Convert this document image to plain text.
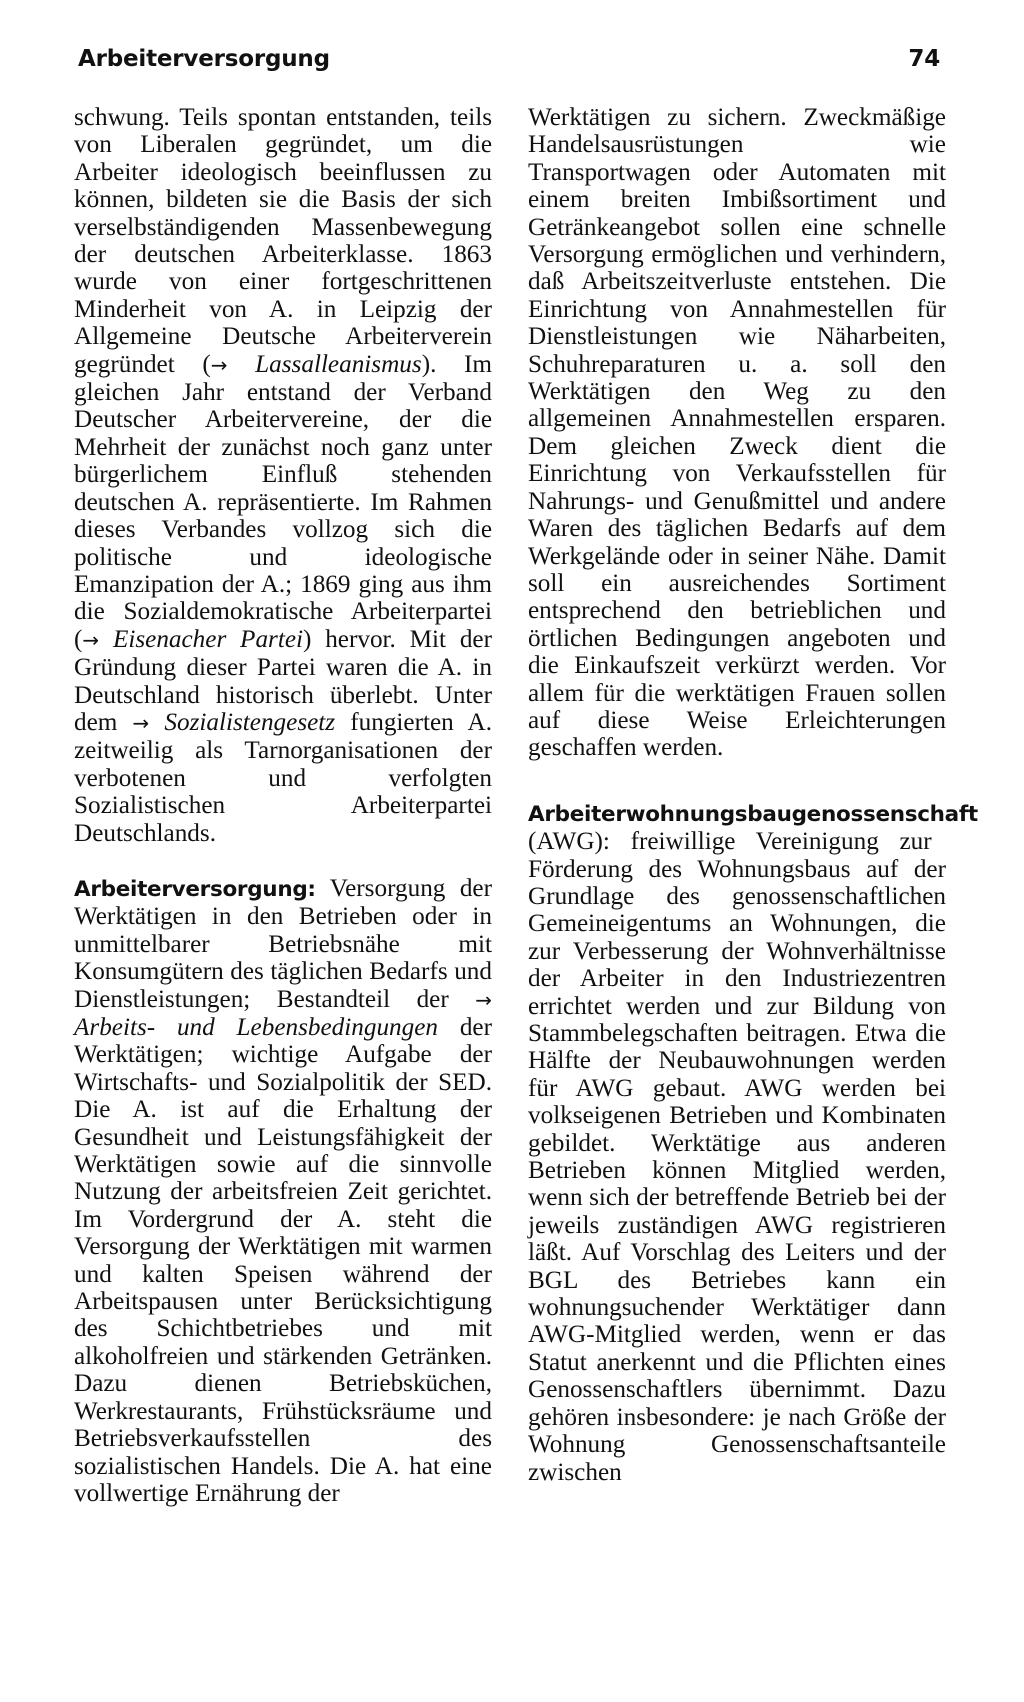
Arbeiterversorgung	74

schwung. Teils spontan entstanden, teils von Liberalen gegründet, um die Arbeiter ideologisch beeinflussen zu können, bildeten sie die Basis der sich verselbständigenden Massenbewegung der deutschen Arbeiterklasse. 1863 wurde von einer fortgeschrittenen Minderheit von A. in Leipzig der Allgemeine Deutsche Arbeiterverein gegründet (→ Lassalleanismus). Im gleichen Jahr entstand der Verband Deutscher Arbeitervereine, der die Mehrheit der zunächst noch ganz unter bürgerlichem Einfluß stehenden deutschen A. repräsentierte. Im Rahmen dieses Verbandes vollzog sich die politische und ideologische Emanzipation der A.; 1869 ging aus ihm die Sozialdemokratische Arbeiterpartei (→ Eisenacher Partei) hervor. Mit der Gründung dieser Partei waren die A. in Deutschland historisch überlebt. Unter dem → Sozialistengesetz fungierten A. zeitweilig als Tarnorganisationen der verbotenen und verfolgten Sozialistischen Arbeiterpartei Deutschlands.

Arbeiterversorgung: Versorgung der Werktätigen in den Betrieben oder in unmittelbarer Betriebsnähe mit Konsumgütern des täglichen Bedarfs und Dienstleistungen; Bestandteil der → Arbeits- und Lebensbedingungen der Werktätigen; wichtige Aufgabe der Wirtschafts- und Sozialpolitik der SED. Die A. ist auf die Erhaltung der Gesundheit und Leistungsfähigkeit der Werktätigen sowie auf die sinnvolle Nutzung der arbeitsfreien Zeit gerichtet. Im Vordergrund der A. steht die Versorgung der Werktätigen mit warmen und kalten Speisen während der Arbeitspausen unter Berücksichtigung des Schichtbetriebes und mit alkoholfreien und stärkenden Getränken. Dazu dienen Betriebsküchen, Werkrestaurants, Frühstücksräume und Betriebsverkaufsstellen des sozialistischen Handels. Die A. hat eine vollwertige Ernährung der

Werktätigen zu sichern. Zweckmäßige Handelsausrüstungen wie Transportwagen oder Automaten mit einem breiten Imbißsortiment und Getränkeangebot sollen eine schnelle Versorgung ermöglichen und verhindern, daß Arbeitszeitverluste entstehen. Die Einrichtung von Annahmestellen für Dienstleistungen wie Näharbeiten, Schuhreparaturen u. a. soll den Werktätigen den Weg zu den allgemeinen Annahmestellen ersparen. Dem gleichen Zweck dient die Einrichtung von Verkaufsstellen für Nahrungs- und Genußmittel und andere Waren des täglichen Bedarfs auf dem Werkgelände oder in seiner Nähe. Damit soll ein ausreichendes Sortiment entsprechend den betrieblichen und örtlichen Bedingungen angeboten und die Einkaufszeit verkürzt werden. Vor allem für die werktätigen Frauen sollen auf diese Weise Erleichterungen geschaffen werden.

Arbeiterwohnungsbaugenossenschaft (AWG): freiwillige Vereinigung zur Förderung des Wohnungsbaus auf der Grundlage des genossenschaftlichen Gemeineigentums an Wohnungen, die zur Verbesserung der Wohnverhältnisse der Arbeiter in den Industriezentren errichtet werden und zur Bildung von Stammbelegschaften beitragen. Etwa die Hälfte der Neubauwohnungen werden für AWG gebaut. AWG werden bei volkseigenen Betrieben und Kombinaten gebildet. Werktätige aus anderen Betrieben können Mitglied werden, wenn sich der betreffende Betrieb bei der jeweils zuständigen AWG registrieren läßt. Auf Vorschlag des Leiters und der BGL des Betriebes kann ein wohnungsuchender Werktätiger dann AWG-Mitglied werden, wenn er das Statut anerkennt und die Pflichten eines Genossenschaftlers übernimmt. Dazu gehören insbesondere: je nach Größe der Wohnung Genossenschaftsanteile zwischen
